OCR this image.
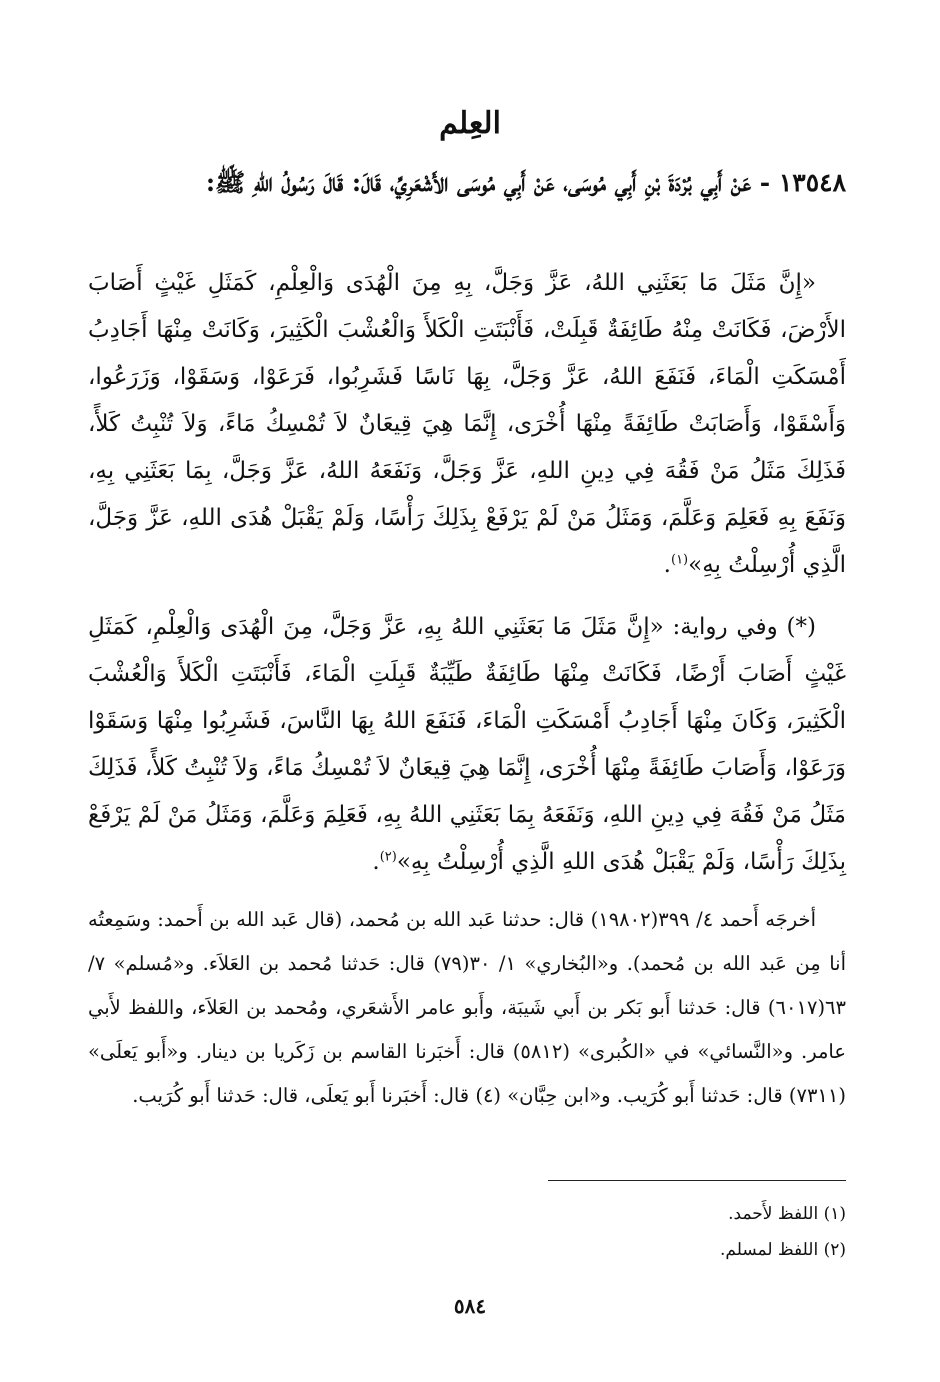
العِلم

١٣٥٤٨ - عَنْ أَبِي بُرْدَةَ بْنِ أَبِي مُوسَى، عَنْ أَبِي مُوسَى الأَشْعَرِيِّ، قَالَ: قَالَ رَسُولُ اللهِ ﷺ:

«إِنَّ مَثَلَ مَا بَعَثَنِي اللهُ، عَزَّ وَجَلَّ، بِهِ مِنَ الْهُدَى وَالْعِلْمِ، كَمَثَلِ غَيْثٍ أَصَابَ الأَرْضَ، فَكَانَتْ مِنْهُ طَائِفَةٌ قَبِلَتْ، فَأَنْبَتَتِ الْكَلأَ وَالْعُشْبَ الْكَثِيرَ، وَكَانَتْ مِنْهَا أَجَادِبُ أَمْسَكَتِ الْمَاءَ، فَنَفَعَ اللهُ، عَزَّ وَجَلَّ، بِهَا نَاسًا فَشَرِبُوا، فَرَعَوْا، وَسَقَوْا، وَزَرَعُوا، وَأَسْقَوْا، وَأَصَابَتْ طَائِفَةً مِنْهَا أُخْرَى، إِنَّمَا هِيَ قِيعَانٌ لاَ تُمْسِكُ مَاءً، وَلاَ تُنْبِتُ كَلأً، فَذَلِكَ مَثَلُ مَنْ فَقُهَ فِي دِينِ اللهِ، عَزَّ وَجَلَّ، وَنَفَعَهُ اللهُ، عَزَّ وَجَلَّ، بِمَا بَعَثَنِي بِهِ، وَنَفَعَ بِهِ فَعَلِمَ وَعَلَّمَ، وَمَثَلُ مَنْ لَمْ يَرْفَعْ بِذَلِكَ رَأْسًا، وَلَمْ يَقْبَلْ هُدَى اللهِ، عَزَّ وَجَلَّ، الَّذِي أُرْسِلْتُ بِهِ»$^{(١)}$.

(*) وفي رواية: «إِنَّ مَثَلَ مَا بَعَثَنِي اللهُ بِهِ، عَزَّ وَجَلَّ، مِنَ الْهُدَى وَالْعِلْمِ، كَمَثَلِ غَيْثٍ أَصَابَ أَرْضًا، فَكَانَتْ مِنْهَا طَائِفَةٌ طَيِّبَةٌ قَبِلَتِ الْمَاءَ، فَأَنْبَتَتِ الْكَلأَ وَالْعُشْبَ الْكَثِيرَ، وَكَانَ مِنْهَا أَجَادِبُ أَمْسَكَتِ الْمَاءَ، فَنَفَعَ اللهُ بِهَا النَّاسَ، فَشَرِبُوا مِنْهَا وَسَقَوْا وَرَعَوْا، وَأَصَابَ طَائِفَةً مِنْهَا أُخْرَى، إِنَّمَا هِيَ قِيعَانٌ لاَ تُمْسِكُ مَاءً، وَلاَ تُنْبِتُ كَلأً، فَذَلِكَ مَثَلُ مَنْ فَقُهَ فِي دِينِ اللهِ، وَنَفَعَهُ بِمَا بَعَثَنِي اللهُ بِهِ، فَعَلِمَ وَعَلَّمَ، وَمَثَلُ مَنْ لَمْ يَرْفَعْ بِذَلِكَ رَأْسًا، وَلَمْ يَقْبَلْ هُدَى اللهِ الَّذِي أُرْسِلْتُ بِهِ»$^{(٢)}$.

أخرجَه أَحمد ٤/ ٣٩٩(١٩٨٠٢) قال: حدثنا عَبد الله بن مُحمد، (قال عَبد الله بن أَحمد: وسَمِعتُه أنا مِن عَبد الله بن مُحمد). و«البُخاري» ١/ ٣٠(٧٩) قال: حَدثنا مُحمد بن العَلاَء. و«مُسلم» ٧/ ٦٣(٦٠١٧) قال: حَدثنا أَبو بَكر بن أَبي شَيبَة، وأَبو عامر الأَشعَري، ومُحمد بن العَلاَء، واللفظ لأَبي عامر. و«النَّسائي» في «الكُبرى» (٥٨١٢) قال: أَخبَرنا القاسم بن زَكَريا بن دينار. و«أَبو يَعلَى» (٧٣١١) قال: حَدثنا أَبو كُرَيب. و«ابن حِبَّان» (٤) قال: أَخبَرنا أَبو يَعلَى، قال: حَدثنا أَبو كُرَيب.

(١) اللفظ لأَحمد.
(٢) اللفظ لمسلم.
٥٨٤
